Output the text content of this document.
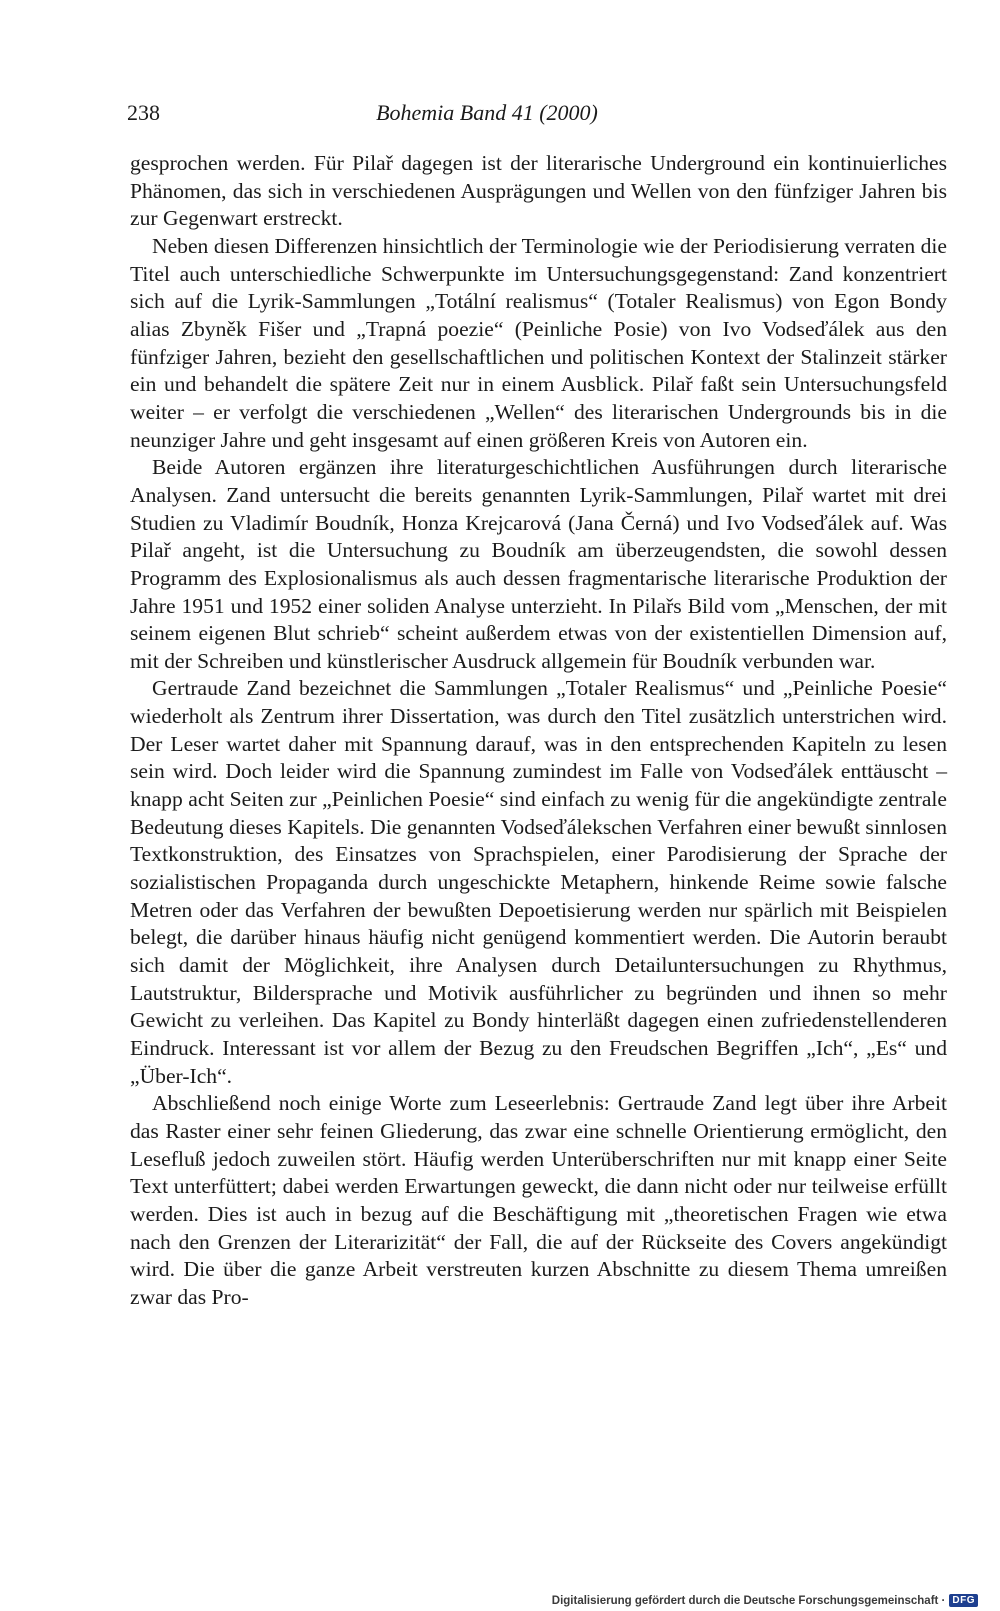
238	Bohemia Band 41 (2000)

gesprochen werden. Für Pilař dagegen ist der literarische Underground ein kontinuierliches Phänomen, das sich in verschiedenen Ausprägungen und Wellen von den fünfziger Jahren bis zur Gegenwart erstreckt.

Neben diesen Differenzen hinsichtlich der Terminologie wie der Periodisierung verraten die Titel auch unterschiedliche Schwerpunkte im Untersuchungsgegenstand: Zand konzentriert sich auf die Lyrik-Sammlungen „Totální realismus“ (Totaler Realismus) von Egon Bondy alias Zbyněk Fišer und „Trapná poezie“ (Peinliche Posie) von Ivo Vodseďálek aus den fünfziger Jahren, bezieht den gesellschaftlichen und politischen Kontext der Stalinzeit stärker ein und behandelt die spätere Zeit nur in einem Ausblick. Pilař faßt sein Untersuchungsfeld weiter – er verfolgt die verschiedenen „Wellen“ des literarischen Undergrounds bis in die neunziger Jahre und geht insgesamt auf einen größeren Kreis von Autoren ein.

Beide Autoren ergänzen ihre literaturgeschichtlichen Ausführungen durch literarische Analysen. Zand untersucht die bereits genannten Lyrik-Sammlungen, Pilař wartet mit drei Studien zu Vladimír Boudník, Honza Krejcarová (Jana Černá) und Ivo Vodseďálek auf. Was Pilař angeht, ist die Untersuchung zu Boudník am überzeugendsten, die sowohl dessen Programm des Explosionalismus als auch dessen fragmentarische literarische Produktion der Jahre 1951 und 1952 einer soliden Analyse unterzieht. In Pilařs Bild vom „Menschen, der mit seinem eigenen Blut schrieb“ scheint außerdem etwas von der existentiellen Dimension auf, mit der Schreiben und künstlerischer Ausdruck allgemein für Boudník verbunden war.

Gertraude Zand bezeichnet die Sammlungen „Totaler Realismus“ und „Peinliche Poesie“ wiederholt als Zentrum ihrer Dissertation, was durch den Titel zusätzlich unterstrichen wird. Der Leser wartet daher mit Spannung darauf, was in den entsprechenden Kapiteln zu lesen sein wird. Doch leider wird die Spannung zumindest im Falle von Vodseďálek enttäuscht – knapp acht Seiten zur „Peinlichen Poesie“ sind einfach zu wenig für die angekündigte zentrale Bedeutung dieses Kapitels. Die genannten Vodseďálekschen Verfahren einer bewußt sinnlosen Textkonstruktion, des Einsatzes von Sprachspielen, einer Parodisierung der Sprache der sozialistischen Propaganda durch ungeschickte Metaphern, hinkende Reime sowie falsche Metren oder das Verfahren der bewußten Depoetisierung werden nur spärlich mit Beispielen belegt, die darüber hinaus häufig nicht genügend kommentiert werden. Die Autorin beraubt sich damit der Möglichkeit, ihre Analysen durch Detailuntersuchungen zu Rhythmus, Lautstruktur, Bildersprache und Motivik ausführlicher zu begründen und ihnen so mehr Gewicht zu verleihen. Das Kapitel zu Bondy hinterläßt dagegen einen zufriedenstellenderen Eindruck. Interessant ist vor allem der Bezug zu den Freudschen Begriffen „Ich“, „Es“ und „Über-Ich“.

Abschließend noch einige Worte zum Leseerlebnis: Gertraude Zand legt über ihre Arbeit das Raster einer sehr feinen Gliederung, das zwar eine schnelle Orientierung ermöglicht, den Lesefluß jedoch zuweilen stört. Häufig werden Unterüberschriften nur mit knapp einer Seite Text unterfüttert; dabei werden Erwartungen geweckt, die dann nicht oder nur teilweise erfüllt werden. Dies ist auch in bezug auf die Beschäftigung mit „theoretischen Fragen wie etwa nach den Grenzen der Literarizität“ der Fall, die auf der Rückseite des Covers angekündigt wird. Die über die ganze Arbeit verstreuten kurzen Abschnitte zu diesem Thema umreißen zwar das Pro-

Digitalisierung gefördert durch die Deutsche Forschungsgemeinschaft · DFG
